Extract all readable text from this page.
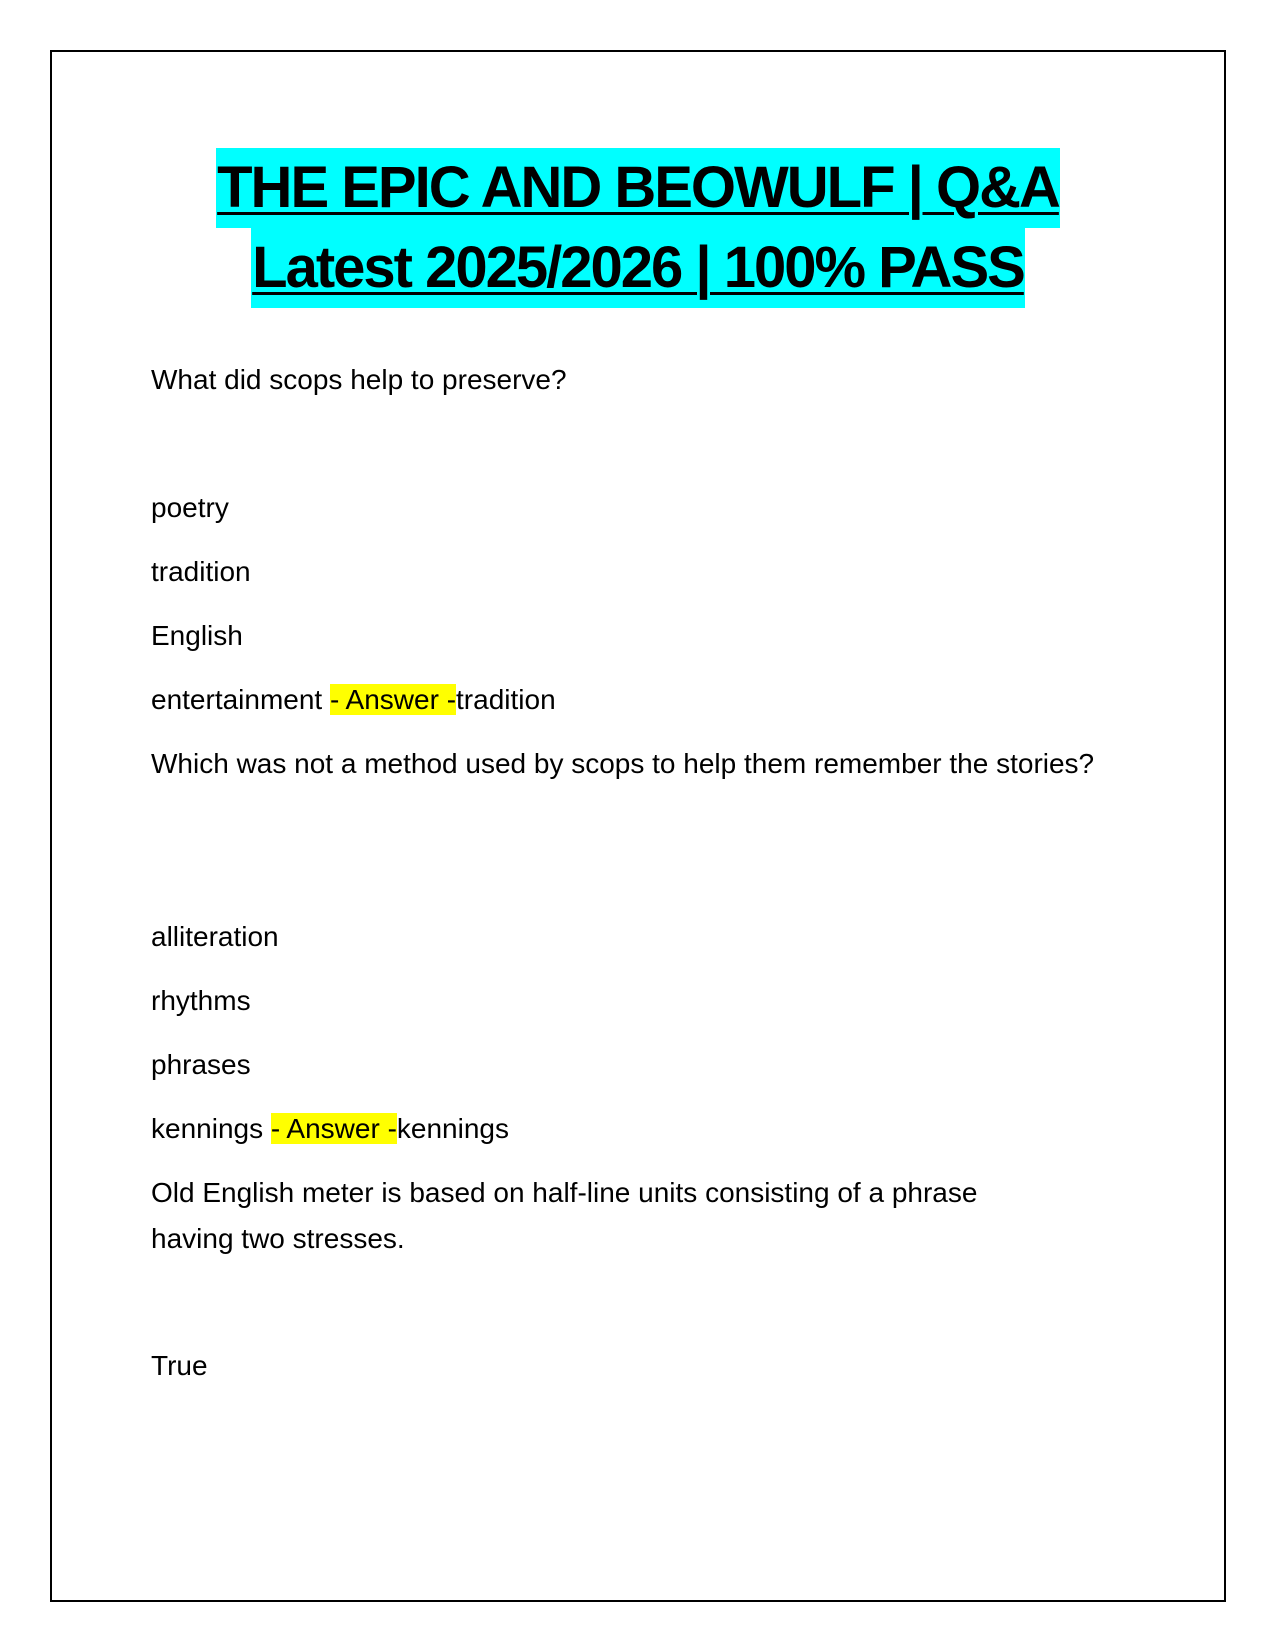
THE EPIC AND BEOWULF | Q&A
Latest 2025/2026 | 100% PASS
What did scops help to preserve?
poetry
tradition
English
entertainment - Answer -tradition
Which was not a method used by scops to help them remember the stories?
alliteration
rhythms
phrases
kennings - Answer -kennings
Old English meter is based on half-line units consisting of a phrase having two stresses.
True
